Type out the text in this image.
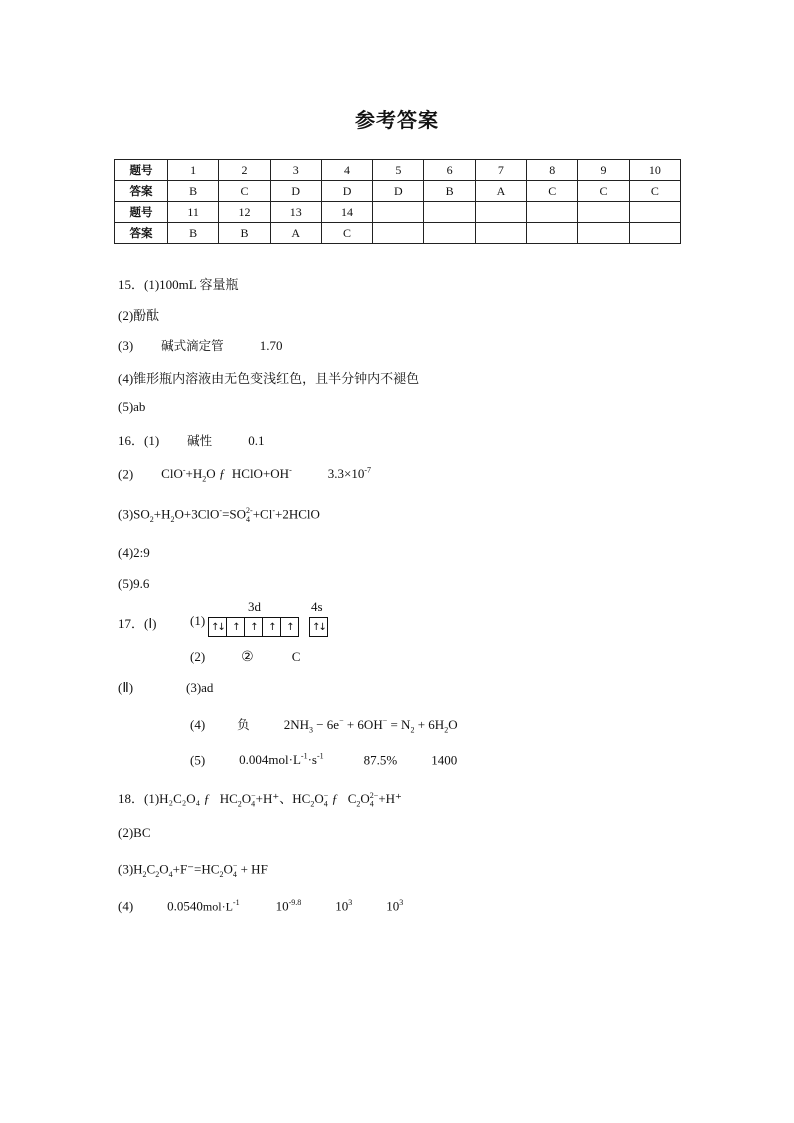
参考答案
题号	1	2	3	4	5	6	7	8	9	10
答案	B	C	D	D	D	B	A	C	C	C
题号	11	12	13	14						
答案	B	B	A	C						
15．(1)100mL 容量瓶
(2)酚酞
(3) 碱式滴定管	1.70
(4)锥形瓶内溶液由无色变浅红色，且半分钟内不褪色
(5)ab
16．(1) 碱性	0.1
(2) $ClO^-+H_2O$ ƒ HClO+OH-	$3.3\times 10^{-7}$
$(3)SO_2+H_2O+3ClO^-=SO_4^{2-}+Cl^-+2HClO$
(4)2:9
(5)9.6
17．(Ⅰ)	(1)
3d	4s
↑↓ ↑	↑	↑	↑	↑↓
(2)	②	C
(Ⅱ)	(3)ad
(4)	负	$2NH_3 - 6e^- + 6OH^- = N_2 + 6H_2O$
(5)	$0.004mol\cdot L^{-1}\cdot s^{-1}$	87.5%	1400
18．(1)H₂C₂O₄ ƒ $HC_2O_4^-+H^+$、$HC_2O_4^-$ ƒ $C_2O_4^{2-}+H^+$
(2)BC
$(3)H_2C_2O_4+F^-=HC_2O_4^-$ + HF
(4)	$0.0540mol\cdot L^{-1}$	$10^{-9.8}$	$10^3$	$10^3$
